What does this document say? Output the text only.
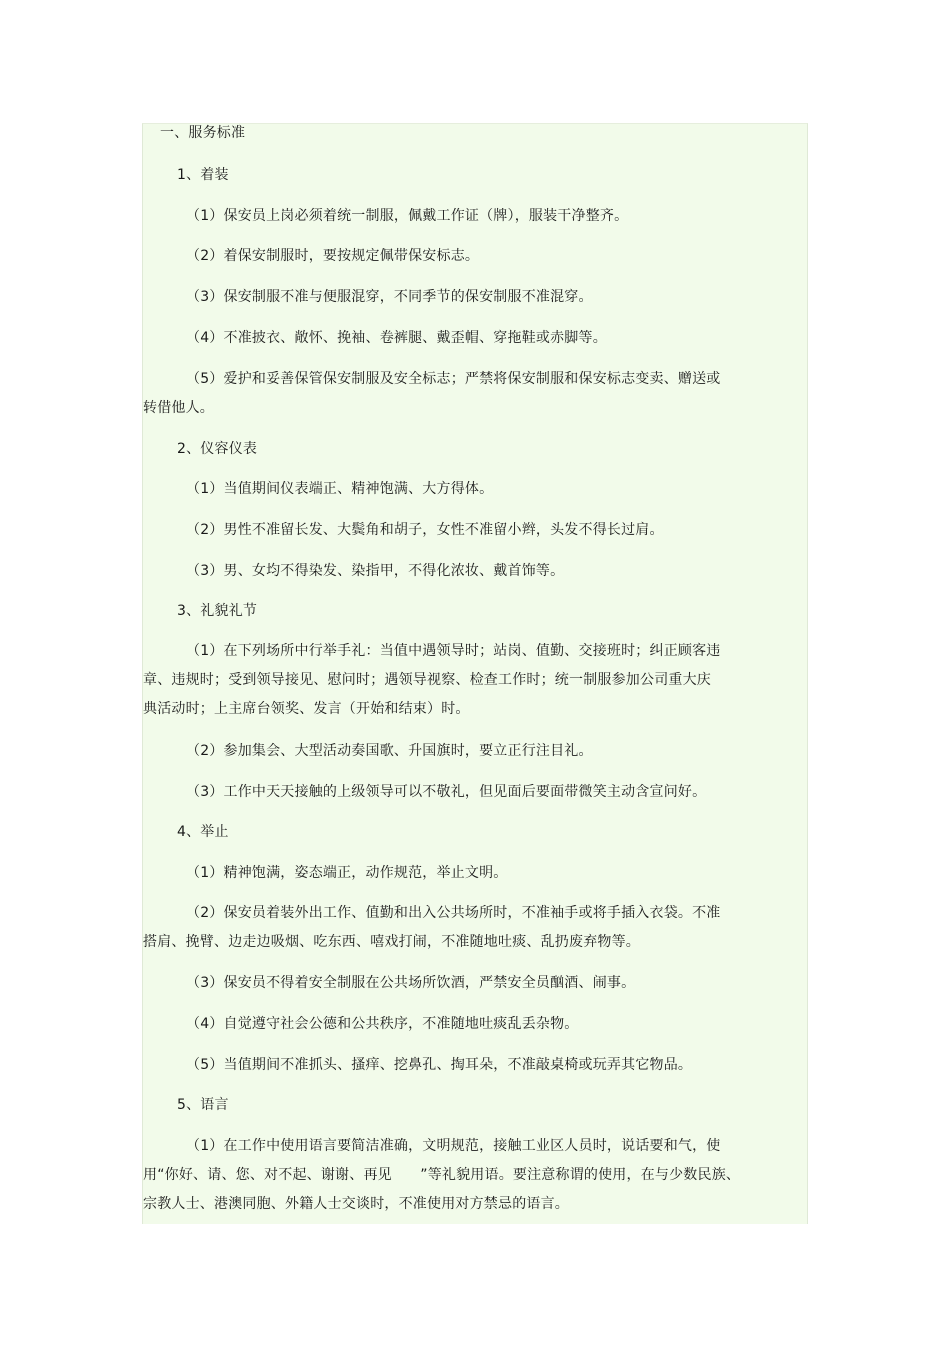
一、服务标准
1、着装
（1）保安员上岗必须着统一制服，佩戴工作证（牌），服装干净整齐。
（2）着保安制服时，要按规定佩带保安标志。
（3）保安制服不准与便服混穿，不同季节的保安制服不准混穿。
（4）不准披衣、敞怀、挽袖、卷裤腿、戴歪帽、穿拖鞋或赤脚等。
（5）爱护和妥善保管保安制服及安全标志；严禁将保安制服和保安标志变卖、赠送或
转借他人。
2、仪容仪表
（1）当值期间仪表端正、精神饱满、大方得体。
（2）男性不准留长发、大鬓角和胡子，女性不准留小辫，头发不得长过肩。
（3）男、女均不得染发、染指甲，不得化浓妆、戴首饰等。
3、礼貌礼节
（1）在下列场所中行举手礼：当值中遇领导时；站岗、值勤、交接班时；纠正顾客违
章、违规时；受到领导接见、慰问时；遇领导视察、检查工作时；统一制服参加公司重大庆
典活动时；上主席台领奖、发言（开始和结束）时。
（2）参加集会、大型活动奏国歌、升国旗时，要立正行注目礼。
（3）工作中天天接触的上级领导可以不敬礼，但见面后要面带微笑主动含宣问好。
4、举止
（1）精神饱满，姿态端正，动作规范，举止文明。
（2）保安员着装外出工作、值勤和出入公共场所时，不准袖手或将手插入衣袋。不准
搭肩、挽臂、边走边吸烟、吃东西、嘻戏打闹，不准随地吐痰、乱扔废弃物等。
（3）保安员不得着安全制服在公共场所饮酒，严禁安全员酗酒、闹事。
（4）自觉遵守社会公德和公共秩序，不准随地吐痰乱丢杂物。
（5）当值期间不准抓头、搔痒、挖鼻孔、掏耳朵，不准敲桌椅或玩弄其它物品。
5、语言
（1）在工作中使用语言要简洁准确，文明规范，接触工业区人员时，说话要和气，使
用“你好、请、您、对不起、谢谢、再见　　”等礼貌用语。要注意称谓的使用，在与少数民族、
宗教人士、港澳同胞、外籍人士交谈时，不准使用对方禁忌的语言。
